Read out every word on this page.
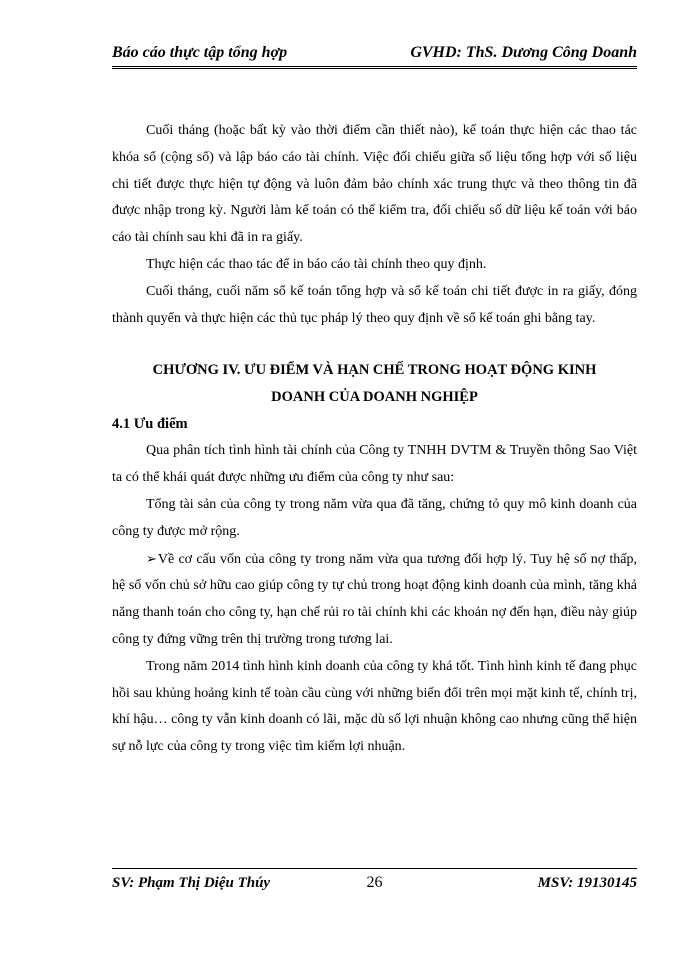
Báo cáo thực tập tổng hợp	GVHD: ThS. Dương Công Doanh

Cuối tháng (hoặc bất kỳ vào thời điểm cần thiết nào), kế toán thực hiện các thao tác khóa sổ (cộng sổ) và lập báo cáo tài chính. Việc đối chiếu giữa số liệu tổng hợp với số liệu chi tiết được thực hiện tự động và luôn đảm bảo chính xác trung thực và theo thông tin đã được nhập trong kỳ. Người làm kế toán có thể kiểm tra, đối chiếu số dữ liệu kế toán với báo cáo tài chính sau khi đã in ra giấy.

Thực hiện các thao tác để in báo cáo tài chính theo quy định.

Cuối tháng, cuối năm sổ kế toán tổng hợp và sổ kế toán chi tiết được in ra giấy, đóng thành quyển và thực hiện các thủ tục pháp lý theo quy định về sổ kế toán ghi bằng tay.

CHƯƠNG IV. ƯU ĐIỂM VÀ HẠN CHẾ TRONG HOẠT ĐỘNG KINH
DOANH CỦA DOANH NGHIỆP
4.1 Ưu điểm

Qua phân tích tình hình tài chính của Công ty TNHH DVTM & Truyền thông Sao Việt ta có thể khái quát được những ưu điểm của công ty như sau:

Tổng tài sản của công ty trong năm vừa qua đã tăng, chứng tỏ quy mô kinh doanh của công ty được mở rộng.

➢Về cơ cấu vốn của công ty trong năm vừa qua tương đối hợp lý. Tuy hệ số nợ thấp, hệ số vốn chủ sở hữu cao giúp công ty tự chủ trong hoạt động kinh doanh của mình, tăng khả năng thanh toán cho công ty, hạn chế rủi ro tài chính khi các khoản nợ đến hạn, điều này giúp công ty đứng vững trên thị trường trong tương lai.

Trong năm 2014 tình hình kinh doanh của công ty khá tốt. Tình hình kinh tế đang phục hồi sau khủng hoảng kinh tế toàn cầu cùng với những biến đổi trên mọi mặt kinh tế, chính trị, khí hậu… công ty vẫn kinh doanh có lãi, mặc dù số lợi nhuận không cao nhưng cũng thể hiện sự nỗ lực của công ty trong việc tìm kiếm lợi nhuận.

SV: Phạm Thị Diệu Thúy	26	MSV: 19130145
